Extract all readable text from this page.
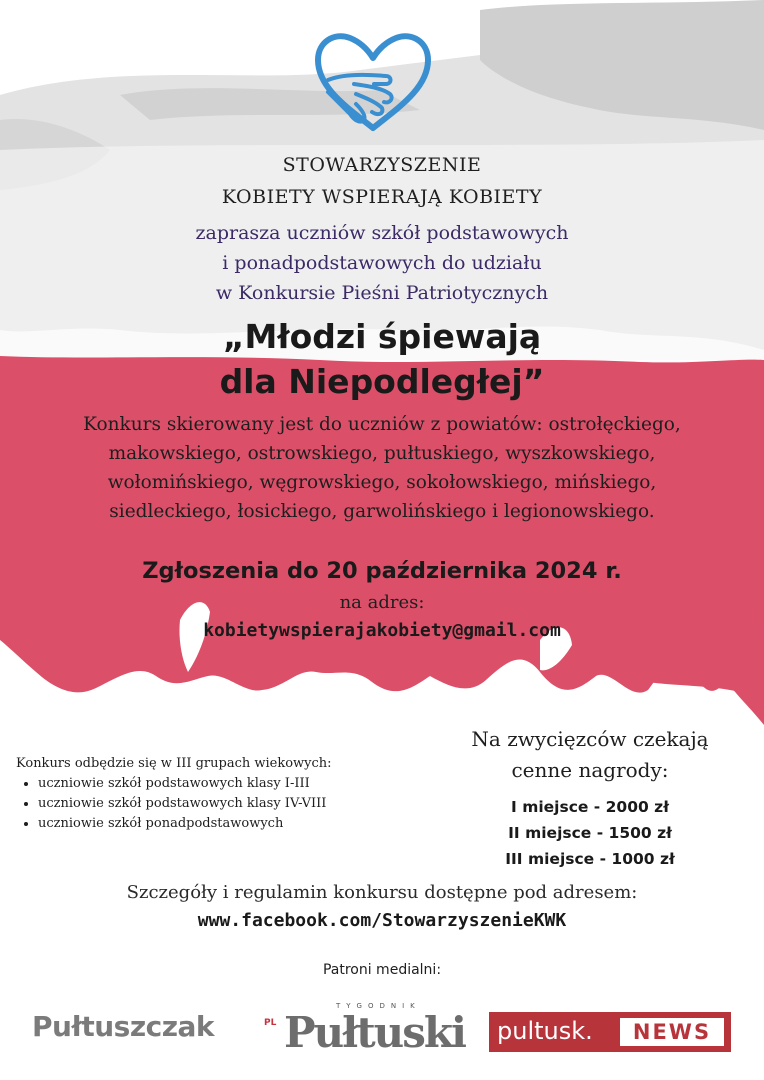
STOWARZYSZENIE
KOBIETY WSPIERAJĄ KOBIETY
zaprasza uczniów szkół podstawowych
i ponadpodstawowych do udziału
w Konkursie Pieśni Patriotycznych
„Młodzi śpiewają
dla Niepodległej”
Konkurs skierowany jest do uczniów z powiatów: ostrołęckiego,
makowskiego, ostrowskiego, pułtuskiego, wyszkowskiego,
wołomińskiego, węgrowskiego, sokołowskiego, mińskiego,
siedleckiego, łosickiego, garwolińskiego i legionowskiego.
Zgłoszenia do 20 października 2024 r.
na adres:
kobietywspierajakobiety@gmail.com

Konkurs odbędzie się w III grupach wiekowych:

• uczniowie szkół podstawowych klasy I-III
• uczniowie szkół podstawowych klasy IV-VIII
• uczniowie szkół ponadpodstawowych
Na zwycięzców czekają
cenne nagrody:
I miejsce - 2000 zł
II miejsce - 1500 zł
III miejsce - 1000 zł
Szczegóły i regulamin konkursu dostępne pod adresem:
www.facebook.com/StowarzyszenieKWK
Patroni medialni:
Pułtuszczak	PL
TYGODNIK
Pułtuski pultusk.	NEWS
